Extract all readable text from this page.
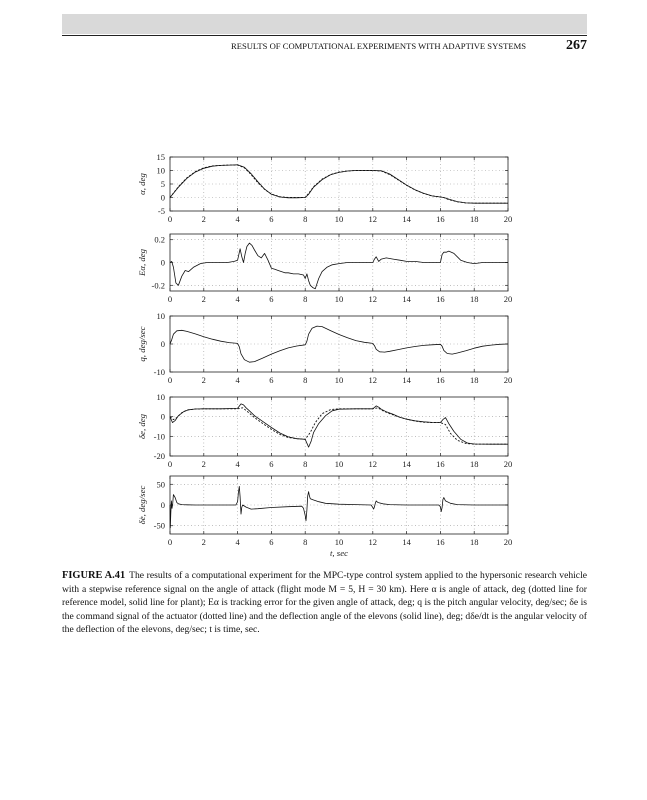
RESULTS OF COMPUTATIONAL EXPERIMENTS WITH ADAPTIVE SYSTEMS	267
0	2	4	6	8	10	12	14	16	18	20
15
10
5
0
-5
α, deg
0	2	4	6	8	10	12	14	16	18	20
0.2
0
-0.2
Eα, deg
0	2	4	6	8	10	12	14	16	18	20
10
0
-10
q, deg/sec
0	2	4	6	8	10	12	14	16	18	20
10
0
-10
-20
δe, deg
0	2	4	6	8	10	12	14	16	18	20
50
0
-50
δ̇e, deg/sec
t, sec
FIGURE A.41 The results of a computational experiment for the MPC-type control system applied to the hypersonic research vehicle with a stepwise reference signal on the angle of attack (flight mode M = 5, H = 30 km). Here α is angle of attack, deg (dotted line for reference model, solid line for plant); Eα is tracking error for the given angle of attack, deg; q is the pitch angular velocity, deg/sec; δe is the command signal of the actuator (dotted line) and the deflection angle of the elevons (solid line), deg; dδe/dt is the angular velocity of the deflection of the elevons, deg/sec; t is time, sec.
